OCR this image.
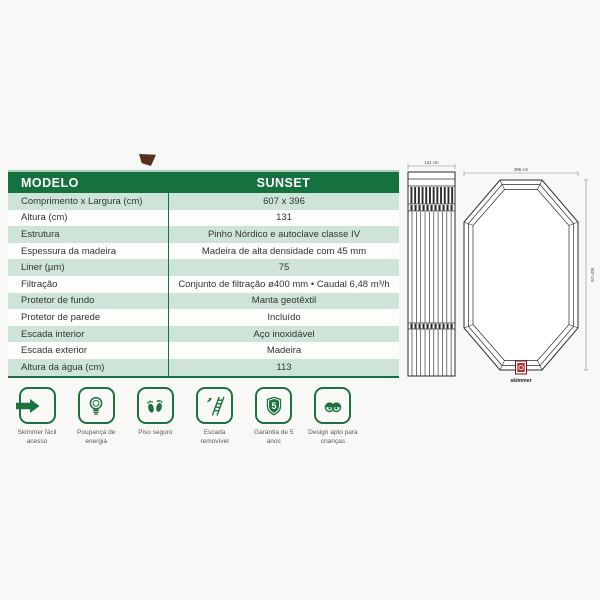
MODELO	SUNSET
Comprimento x Largura (cm)	607 x 396
Altura (cm)	131
Estrutura	Pinho Nórdico e autoclave classe IV
Espessura da madeira	Madeira de alta densidade com 45 mm
Liner (µm)	75
Filtração	Conjunto de filtração ø400 mm • Caudal 6,48 m³/h
Protetor de fundo	Manta geotêxtil
Protetor de parede	Incluído
Escada interior	Aço inoxidável
Escada exterior	Madeira
Altura da água (cm)	113
Skimmer fácil acesso
Poupança de energia
Piso seguro	Escada removível
5
Garantia de 5 anos
Design apto para crianças
131 cm
396 cm
607 cm
skimmer
